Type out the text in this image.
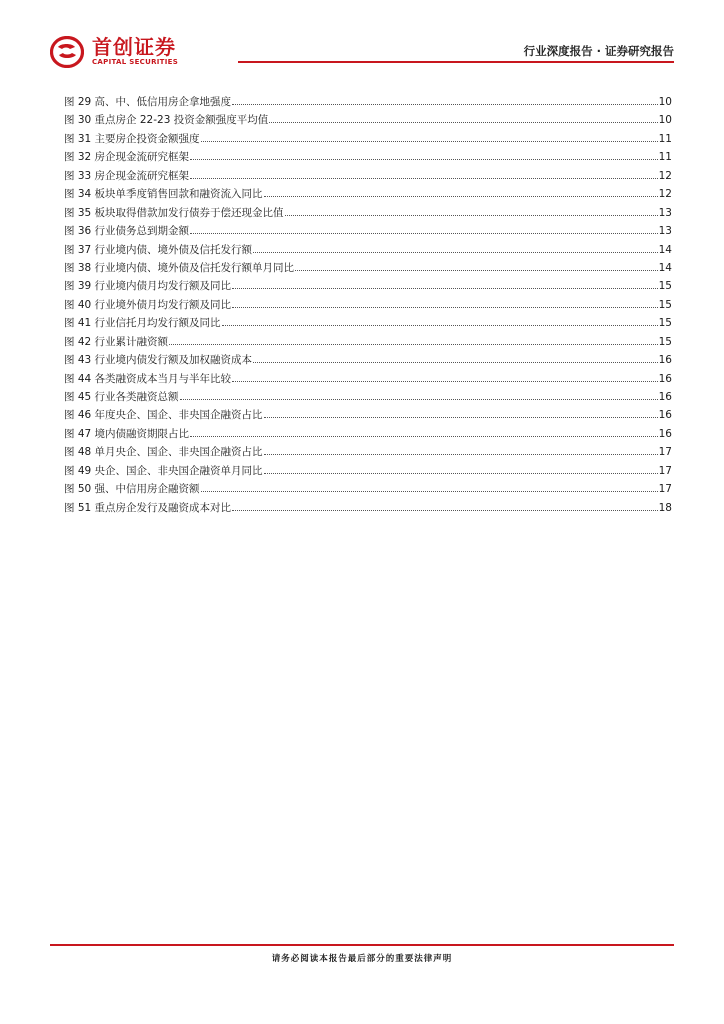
首创证券
CAPITAL SECURITIES
行业深度报告 · 证券研究报告
图 29 高、中、低信用房企拿地强度	10
图 30 重点房企 22-23 投资金额强度平均值	10
图 31 主要房企投资金额强度	11
图 32 房企现金流研究框架	11
图 33 房企现金流研究框架	12
图 34 板块单季度销售回款和融资流入同比	12
图 35 板块取得借款加发行债券于偿还现金比值	13
图 36 行业债务总到期金额	13
图 37 行业境内债、境外债及信托发行额	14
图 38 行业境内债、境外债及信托发行额单月同比	14
图 39 行业境内债月均发行额及同比	15
图 40 行业境外债月均发行额及同比	15
图 41 行业信托月均发行额及同比	15
图 42 行业累计融资额	15
图 43 行业境内债发行额及加权融资成本	16
图 44 各类融资成本当月与半年比较	16
图 45 行业各类融资总额	16
图 46 年度央企、国企、非央国企融资占比	16
图 47 境内债融资期限占比	16
图 48 单月央企、国企、非央国企融资占比	17
图 49 央企、国企、非央国企融资单月同比	17
图 50 强、中信用房企融资额	17
图 51 重点房企发行及融资成本对比	18
请务必阅读本报告最后部分的重要法律声明
